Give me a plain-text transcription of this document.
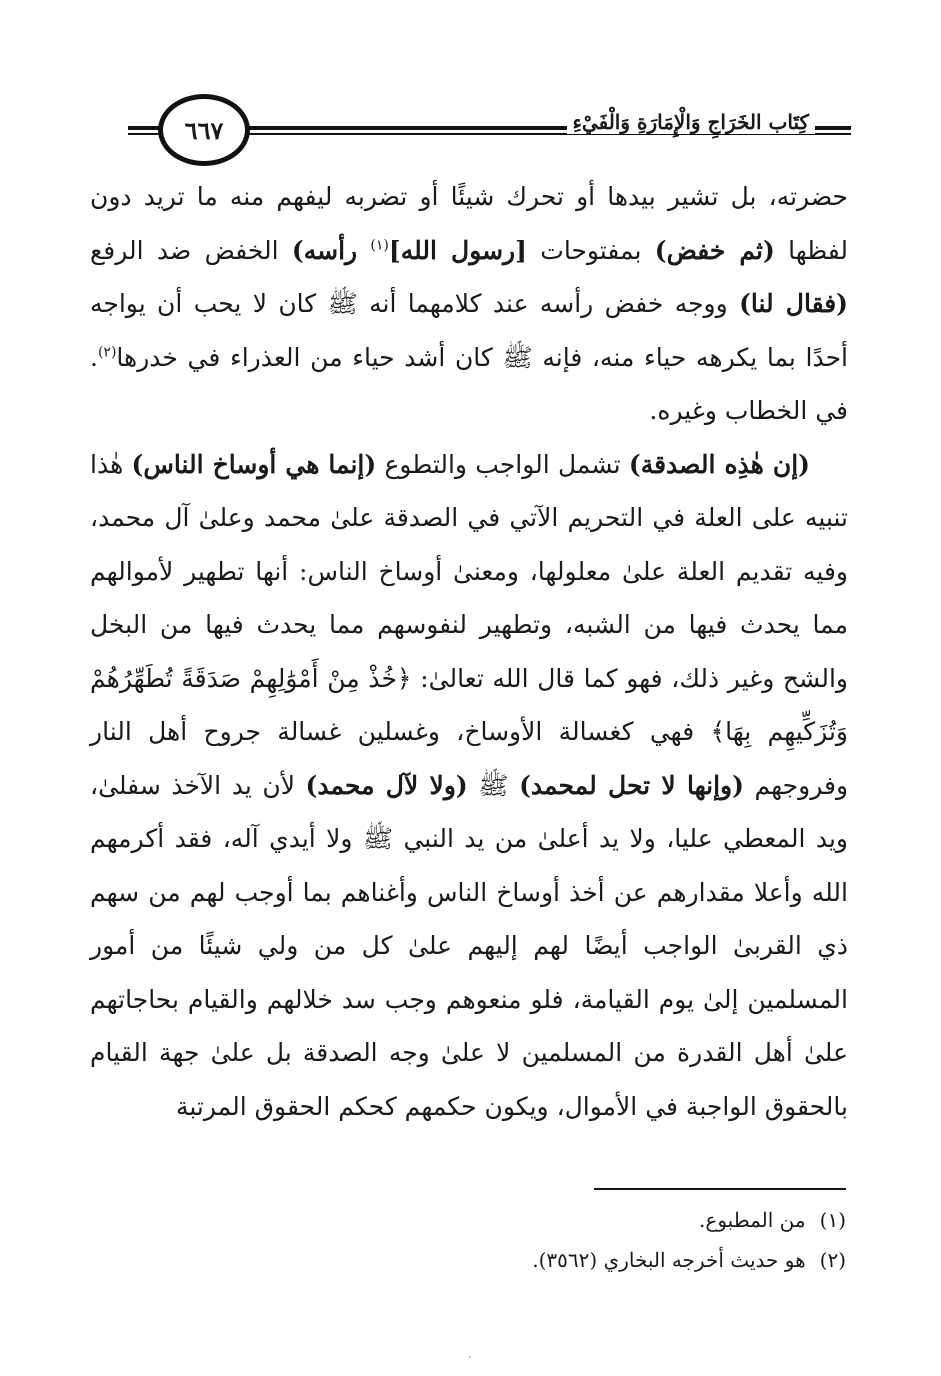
كِتَاب الخَرَاجِ وَالْإِمَارَةِ وَالْفَيْءِ
٦٦٧

حضرته، بل تشير بيدها أو تحرك شيئًا أو تضربه ليفهم منه ما تريد دون لفظها (ثم خفض) بمفتوحات [رسول الله]$^{(١)}$ رأسه) الخفض ضد الرفع (فقال لنا) ووجه خفض رأسه عند كلامهما أنه ﷺ كان لا يحب أن يواجه أحدًا بما يكرهه حياء منه، فإنه ﷺ كان أشد حياء من العذراء في خدرها$^{(٢)}$. في الخطاب وغيره.

(إن هٰذِه الصدقة) تشمل الواجب والتطوع (إنما هي أوساخ الناس) هٰذا تنبيه على العلة في التحريم الآتي في الصدقة علىٰ محمد وعلىٰ آل محمد، وفيه تقديم العلة علىٰ معلولها، ومعنىٰ أوساخ الناس: أنها تطهير لأموالهم مما يحدث فيها من الشبه، وتطهير لنفوسهم مما يحدث فيها من البخل والشح وغير ذلك، فهو كما قال الله تعالىٰ: ﴿خُذْ مِنْ أَمْوَٰلِهِمْ صَدَقَةً تُطَهِّرُهُمْ وَتُزَكِّيهِم بِهَا﴾ فهي كغسالة الأوساخ، وغسلين غسالة جروح أهل النار وفروجهم (وإنها لا تحل لمحمد) ﷺ (ولا لآل محمد) لأن يد الآخذ سفلىٰ، ويد المعطي عليا، ولا يد أعلىٰ من يد النبي ﷺ ولا أيدي آله، فقد أكرمهم الله وأعلا مقدارهم عن أخذ أوساخ الناس وأغناهم بما أوجب لهم من سهم ذي القربىٰ الواجب أيضًا لهم إليهم علىٰ كل من ولي شيئًا من أمور المسلمين إلىٰ يوم القيامة، فلو منعوهم وجب سد خلالهم والقيام بحاجاتهم علىٰ أهل القدرة من المسلمين لا علىٰ وجه الصدقة بل علىٰ جهة القيام بالحقوق الواجبة في الأموال، ويكون حكمهم كحكم الحقوق المرتبة

(١)من المطبوع.
(٢)هو حديث أخرجه البخاري (٣٥٦٢).
